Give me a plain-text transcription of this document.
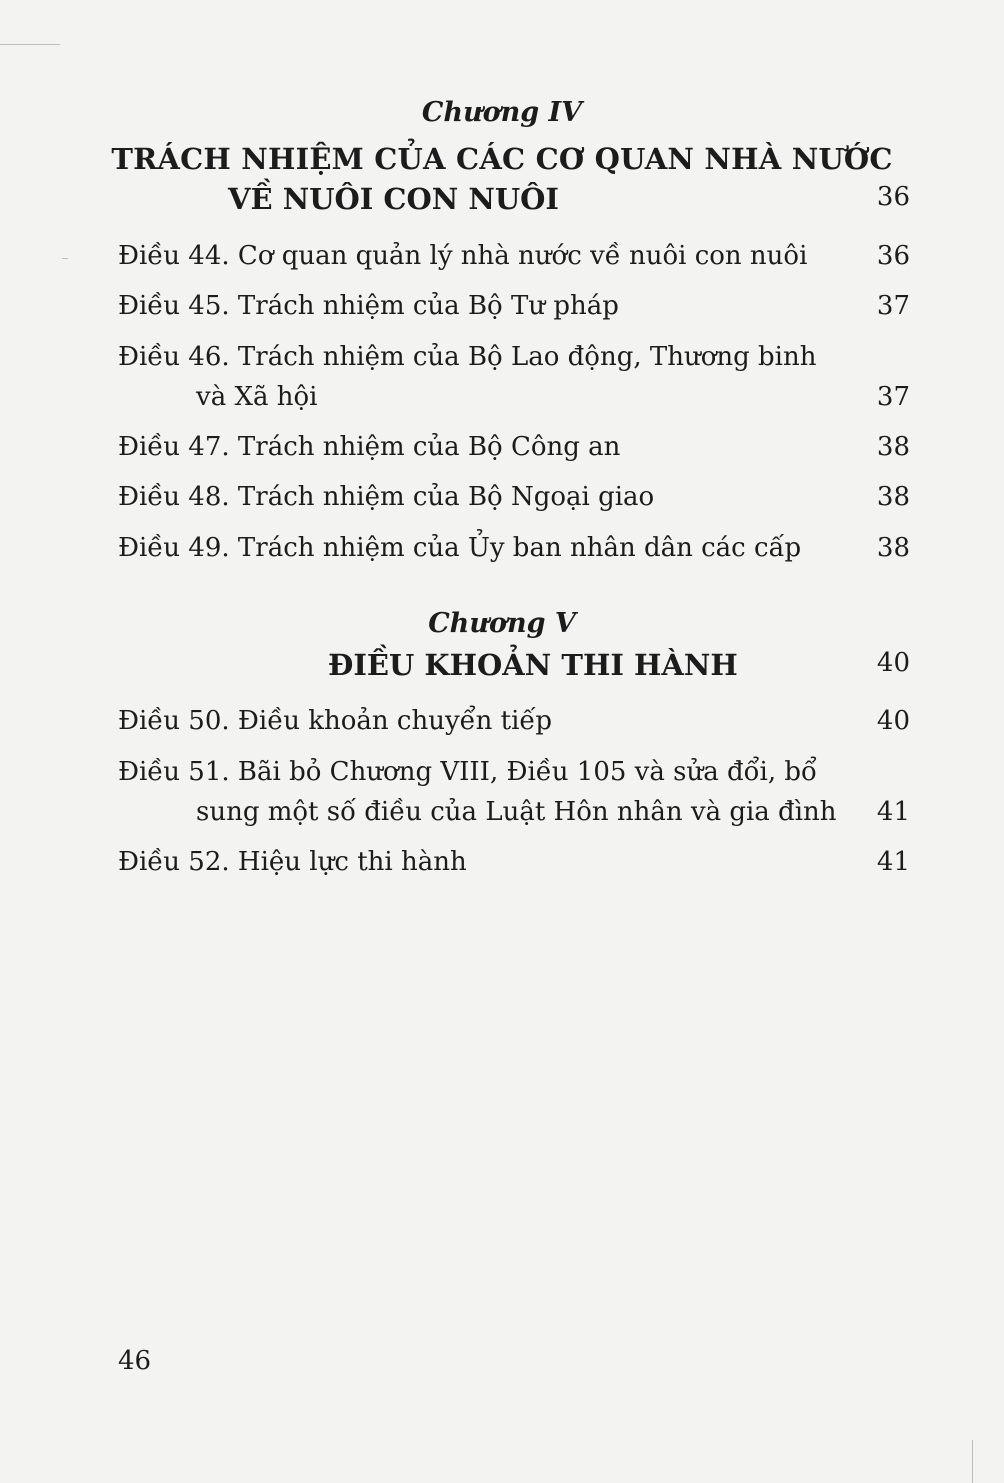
Chương IV
TRÁCH NHIỆM CỦA CÁC CƠ QUAN NHÀ NƯỚC
VỀ NUÔI CON NUÔI	36
Điều 44. Cơ quan quản lý nhà nước về nuôi con nuôi	36
Điều 45. Trách nhiệm của Bộ Tư pháp	37
Điều 46. Trách nhiệm của Bộ Lao động, Thương binh
và Xã hội	37
Điều 47. Trách nhiệm của Bộ Công an	38
Điều 48. Trách nhiệm của Bộ Ngoại giao	38
Điều 49. Trách nhiệm của Ủy ban nhân dân các cấp	38
Chương V
ĐIỀU KHOẢN THI HÀNH	40
Điều 50. Điều khoản chuyển tiếp	40
Điều 51. Bãi bỏ Chương VIII, Điều 105 và sửa đổi, bổ
sung một số điều của Luật Hôn nhân và gia đình 41
Điều 52. Hiệu lực thi hành	41
46
